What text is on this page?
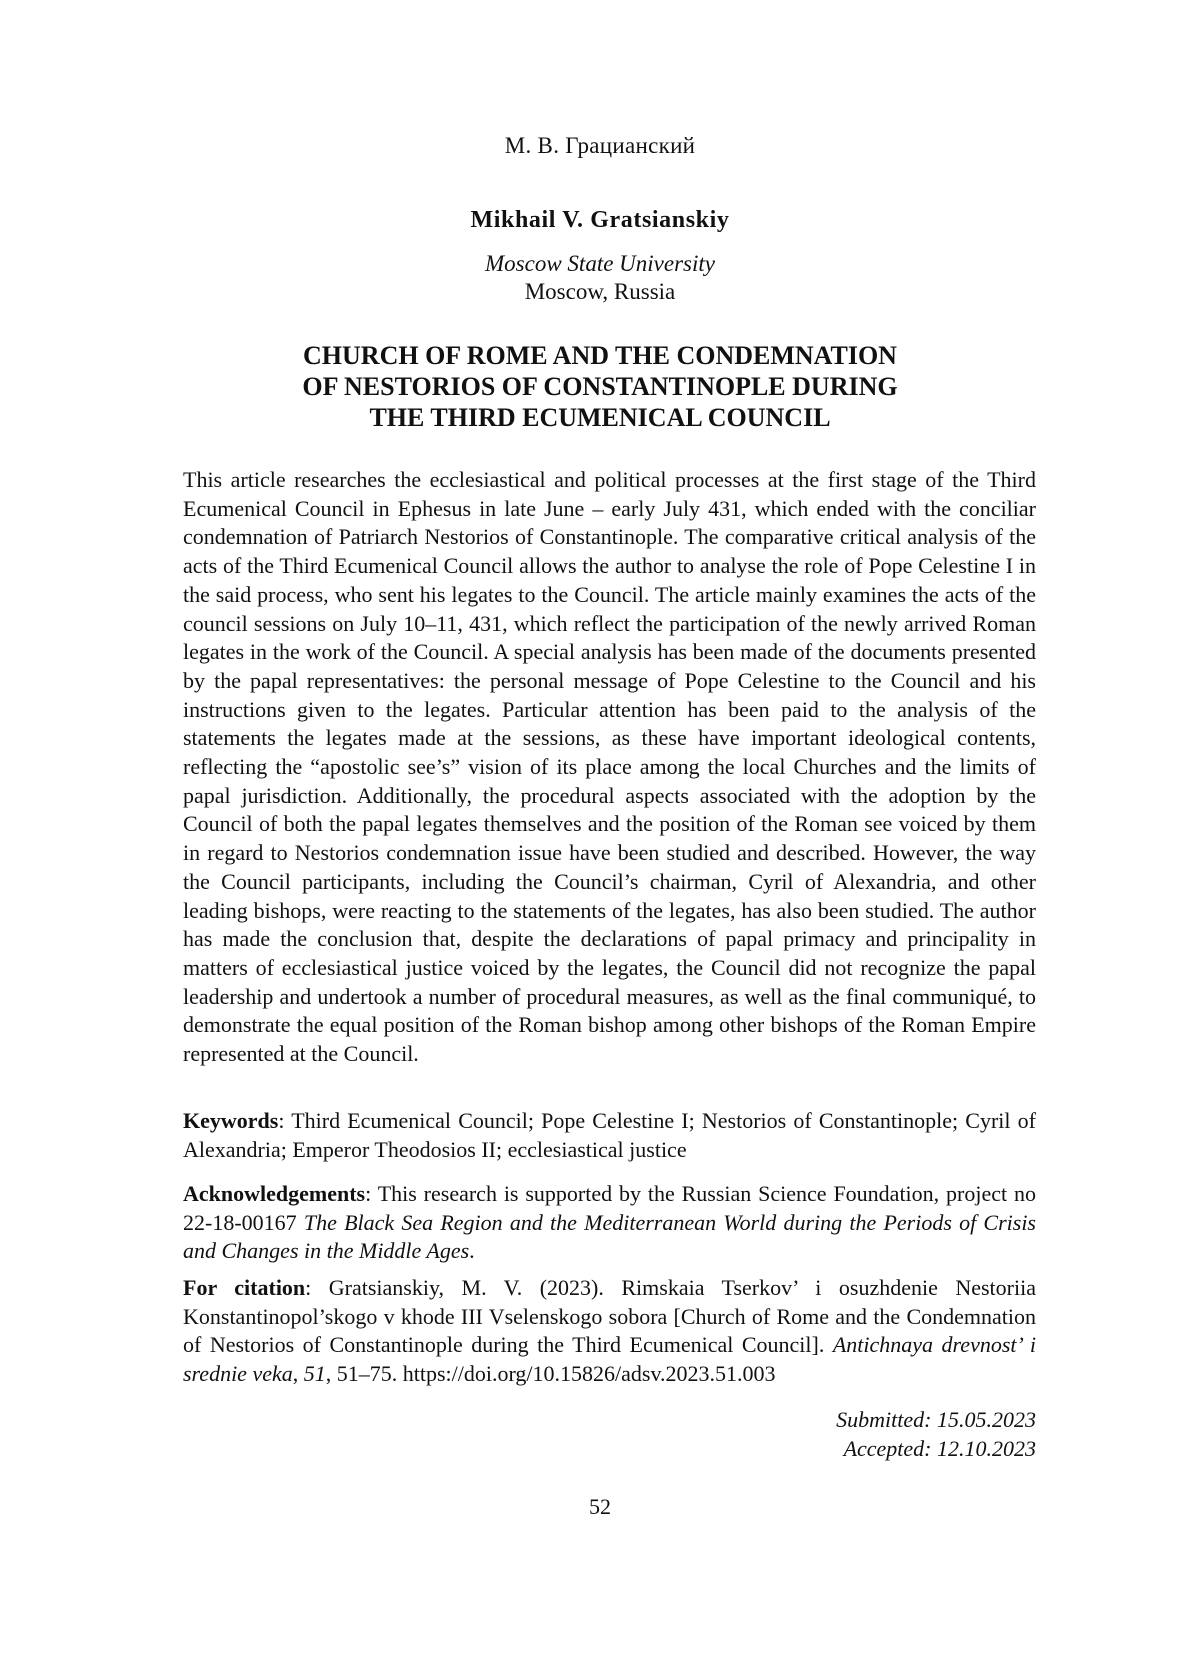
М. В. Грацианский
Mikhail V. Gratsianskiy
Moscow State University
Moscow, Russia
CHURCH OF ROME AND THE CONDEMNATION
OF NESTORIOS OF CONSTANTINOPLE DURING
THE THIRD ECUMENICAL COUNCIL

This article researches the ecclesiastical and political processes at the first stage of the Third Ecumenical Council in Ephesus in late June – early July 431, which ended with the conciliar condemnation of Patriarch Nestorios of Constantinople. The comparative critical analysis of the acts of the Third Ecumenical Council allows the author to analyse the role of Pope Celestine I in the said process, who sent his legates to the Council. The article mainly examines the acts of the council sessions on July 10–11, 431, which reflect the participation of the newly arrived Roman legates in the work of the Council. A special analysis has been made of the documents presented by the papal representatives: the personal message of Pope Celestine to the Council and his instructions given to the legates. Particular attention has been paid to the analysis of the statements the legates made at the sessions, as these have important ideological contents, reflecting the “apostolic see’s” vision of its place among the local Churches and the limits of papal jurisdiction. Additionally, the procedural aspects associated with the adoption by the Council of both the papal legates themselves and the position of the Roman see voiced by them in regard to Nestorios condemnation issue have been studied and described. However, the way the Council participants, including the Council’s chairman, Cyril of Alexandria, and other leading bishops, were reacting to the statements of the legates, has also been studied. The author has made the conclusion that, despite the declarations of papal primacy and principality in matters of ecclesiastical justice voiced by the legates, the Council did not recognize the papal leadership and undertook a number of procedural measures, as well as the final communiqué, to demonstrate the equal position of the Roman bishop among other bishops of the Roman Empire represented at the Council.

Keywords: Third Ecumenical Council; Pope Celestine I; Nestorios of Constantinople; Cyril of Alexandria; Emperor Theodosios II; ecclesiastical justice

Acknowledgements: This research is supported by the Russian Science Foundation, project no 22-18-00167 The Black Sea Region and the Mediterranean World during the Periods of Crisis and Changes in the Middle Ages.

For citation: Gratsianskiy, M. V. (2023). Rimskaia Tserkov’ i osuzhdenie Nestoriia Konstantinopol’skogo v khode III Vselenskogo sobora [Church of Rome and the Condemnation of Nestorios of Constantinople during the Third Ecumenical Council]. Antichnaya drevnost’ i srednie veka, 51, 51–75. https://doi.org/10.15826/adsv.2023.51.003

Submitted: 15.05.2023
Accepted: 12.10.2023
52
